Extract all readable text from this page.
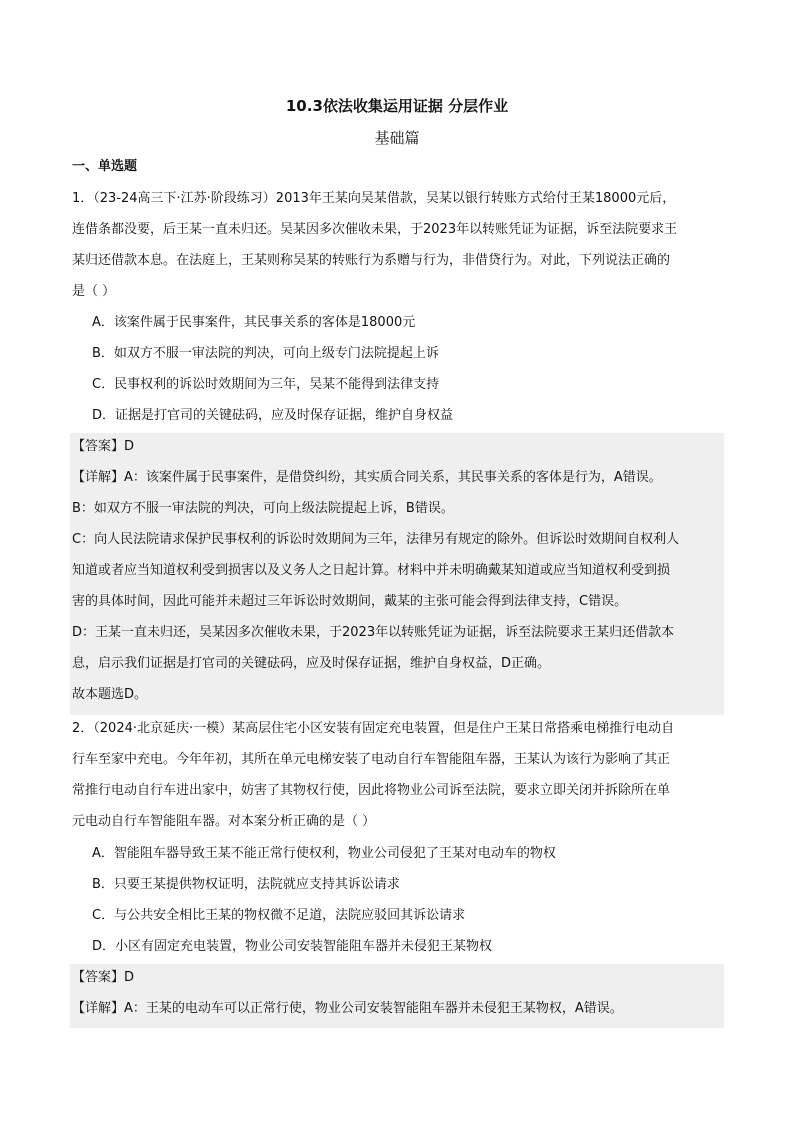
10.3依法收集运用证据 分层作业
基础篇
一、单选题
1．（23-24高三下·江苏·阶段练习）2013年王某向吴某借款，吴某以银行转账方式给付王某18000元后，
连借条都没要，后王某一直未归还。吴某因多次催收未果，于2023年以转账凭证为证据，诉至法院要求王
某归还借款本息。在法庭上，王某则称吴某的转账行为系赠与行为，非借贷行为。对此，下列说法正确的
是（ ）
A．该案件属于民事案件，其民事关系的客体是18000元
B．如双方不服一审法院的判决，可向上级专门法院提起上诉
C．民事权利的诉讼时效期间为三年，吴某不能得到法律支持
D．证据是打官司的关键砝码，应及时保存证据，维护自身权益
【答案】D
【详解】A：该案件属于民事案件，是借贷纠纷，其实质合同关系，其民事关系的客体是行为，A错误。
B：如双方不服一审法院的判决，可向上级法院提起上诉，B错误。
C：向人民法院请求保护民事权利的诉讼时效期间为三年，法律另有规定的除外。但诉讼时效期间自权利人
知道或者应当知道权利受到损害以及义务人之日起计算。材料中并未明确戴某知道或应当知道权利受到损
害的具体时间，因此可能并未超过三年诉讼时效期间，戴某的主张可能会得到法律支持，C错误。
D：王某一直未归还，吴某因多次催收未果，于2023年以转账凭证为证据，诉至法院要求王某归还借款本
息，启示我们证据是打官司的关键砝码，应及时保存证据，维护自身权益，D正确。
故本题选D。
2．（2024·北京延庆·一模）某高层住宅小区安装有固定充电装置，但是住户王某日常搭乘电梯推行电动自
行车至家中充电。今年年初，其所在单元电梯安装了电动自行车智能阻车器，王某认为该行为影响了其正
常推行电动自行车进出家中，妨害了其物权行使，因此将物业公司诉至法院，要求立即关闭并拆除所在单
元电动自行车智能阻车器。对本案分析正确的是（ ）
A．智能阻车器导致王某不能正常行使权利，物业公司侵犯了王某对电动车的物权
B．只要王某提供物权证明，法院就应支持其诉讼请求
C．与公共安全相比王某的物权微不足道，法院应驳回其诉讼请求
D．小区有固定充电装置，物业公司安装智能阻车器并未侵犯王某物权
【答案】D
【详解】A：王某的电动车可以正常行使，物业公司安装智能阻车器并未侵犯王某物权，A错误。
